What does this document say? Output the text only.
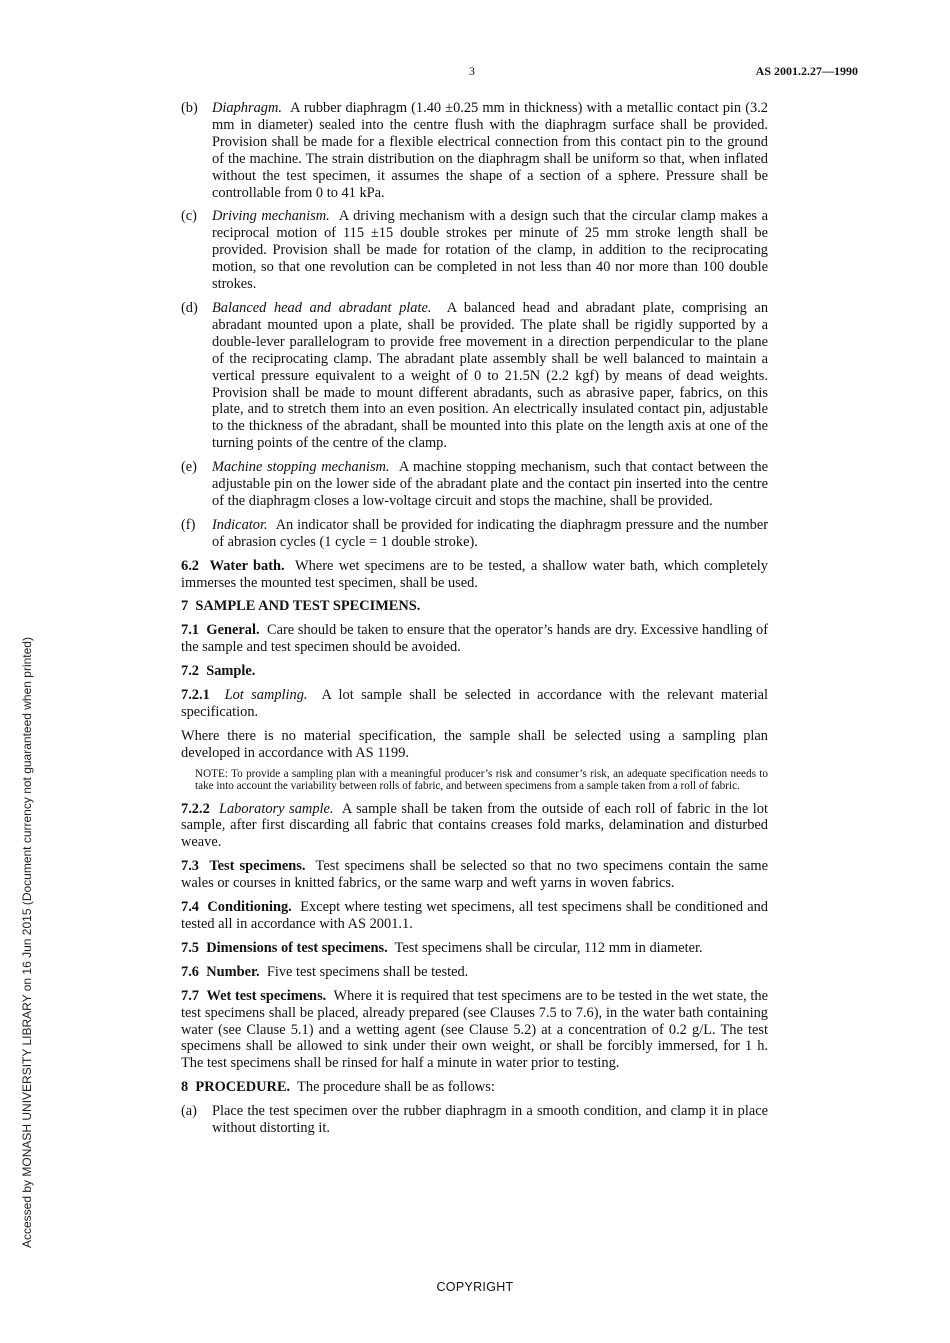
3	AS 2001.2.27—1990
Accessed by MONASH UNIVERSITY LIBRARY on 16 Jun 2015 (Document currency not guaranteed when printed)
(b) Diaphragm. A rubber diaphragm (1.40 ±0.25 mm in thickness) with a metallic contact pin (3.2 mm in diameter) sealed into the centre flush with the diaphragm surface shall be provided. Provision shall be made for a flexible electrical connection from this contact pin to the ground of the machine. The strain distribution on the diaphragm shall be uniform so that, when inflated without the test specimen, it assumes the shape of a section of a sphere. Pressure shall be controllable from 0 to 41 kPa.
(c)	Driving mechanism. A driving mechanism with a design such that the circular clamp makes a reciprocal motion of 115 ±15 double strokes per minute of 25 mm stroke length shall be provided. Provision shall be made for rotation of the clamp, in addition to the reciprocating motion, so that one revolution can be completed in not less than 40 nor more than 100 double strokes.
(d) Balanced head and abradant plate. A balanced head and abradant plate, comprising an abradant mounted upon a plate, shall be provided. The plate shall be rigidly supported by a double-lever parallelogram to provide free movement in a direction perpendicular to the plane of the reciprocating clamp. The abradant plate assembly shall be well balanced to maintain a vertical pressure equivalent to a weight of 0 to 21.5N (2.2 kgf) by means of dead weights. Provision shall be made to mount different abradants, such as abrasive paper, fabrics, on this plate, and to stretch them into an even position. An electrically insulated contact pin, adjustable to the thickness of the abradant, shall be mounted into this plate on the length axis at one of the turning points of the centre of the clamp.
(e)	Machine stopping mechanism. A machine stopping mechanism, such that contact between the adjustable pin on the lower side of the abradant plate and the contact pin inserted into the centre of the diaphragm closes a low-voltage circuit and stops the machine, shall be provided.
(f)	Indicator. An indicator shall be provided for indicating the diaphragm pressure and the number of abrasion cycles (1 cycle = 1 double stroke).

6.2 Water bath. Where wet specimens are to be tested, a shallow water bath, which completely immerses the mounted test specimen, shall be used.

7 SAMPLE AND TEST SPECIMENS.

7.1 General. Care should be taken to ensure that the operator’s hands are dry. Excessive handling of the sample and test specimen should be avoided.

7.2 Sample.

7.2.1 Lot sampling. A lot sample shall be selected in accordance with the relevant material specification.

Where there is no material specification, the sample shall be selected using a sampling plan developed in accordance with AS 1199.

NOTE: To provide a sampling plan with a meaningful producer’s risk and consumer’s risk, an adequate specification needs to take into account the variability between rolls of fabric, and between specimens from a sample taken from a roll of fabric.

7.2.2 Laboratory sample. A sample shall be taken from the outside of each roll of fabric in the lot sample, after first discarding all fabric that contains creases fold marks, delamination and disturbed weave.

7.3 Test specimens. Test specimens shall be selected so that no two specimens contain the same wales or courses in knitted fabrics, or the same warp and weft yarns in woven fabrics.

7.4 Conditioning. Except where testing wet specimens, all test specimens shall be conditioned and tested all in accordance with AS 2001.1.

7.5 Dimensions of test specimens. Test specimens shall be circular, 112 mm in diameter.

7.6 Number. Five test specimens shall be tested.

7.7 Wet test specimens. Where it is required that test specimens are to be tested in the wet state, the test specimens shall be placed, already prepared (see Clauses 7.5 to 7.6), in the water bath containing water (see Clause 5.1) and a wetting agent (see Clause 5.2) at a concentration of 0.2 g/L. The test specimens shall be allowed to sink under their own weight, or shall be forcibly immersed, for 1 h. The test specimens shall be rinsed for half a minute in water prior to testing.

8 PROCEDURE. The procedure shall be as follows:

(a)	Place the test specimen over the rubber diaphragm in a smooth condition, and clamp it in place without distorting it.
COPYRIGHT
